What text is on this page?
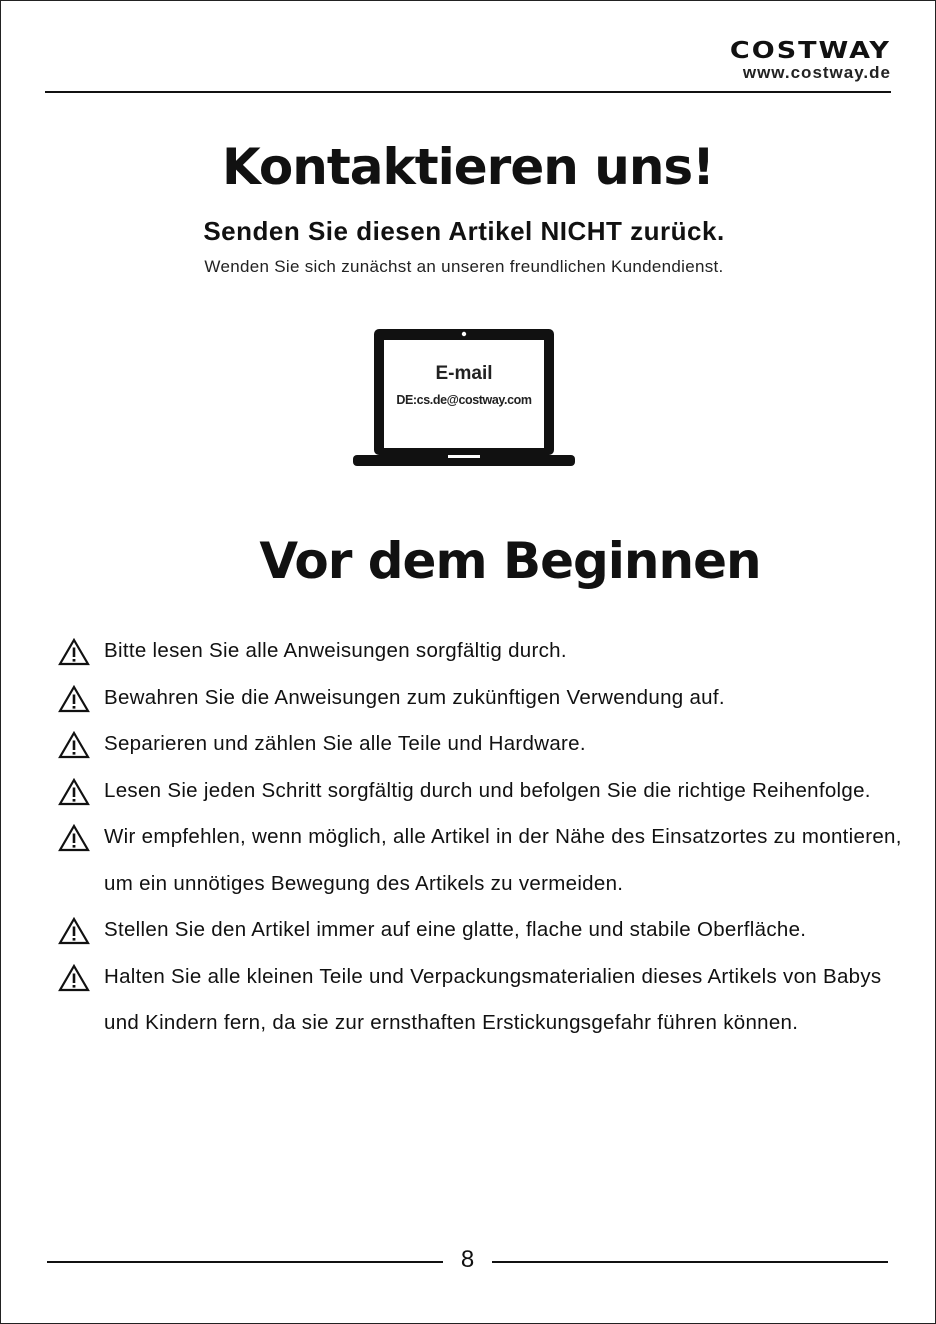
COSTWAY
www.costway.de
Kontaktieren uns!
Senden Sie diesen Artikel NICHT zurück.
Wenden Sie sich zunächst an unseren freundlichen Kundendienst.
E-mail
DE:cs.de@costway.com
Vor dem Beginnen
Bitte lesen Sie alle Anweisungen sorgfältig durch.
Bewahren Sie die Anweisungen zum zukünftigen Verwendung auf.
Separieren und zählen Sie alle Teile und Hardware.
Lesen Sie jeden Schritt sorgfältig durch und befolgen Sie die richtige Reihenfolge.
Wir empfehlen, wenn möglich, alle Artikel in der Nähe des Einsatzortes zu montieren, um ein unnötiges Bewegung des Artikels zu vermeiden.
Stellen Sie den Artikel immer auf eine glatte, flache und stabile Oberfläche.
Halten Sie alle kleinen Teile und Verpackungsmaterialien dieses Artikels von Babys und Kindern fern, da sie zur ernsthaften Erstickungsgefahr führen können.
8
